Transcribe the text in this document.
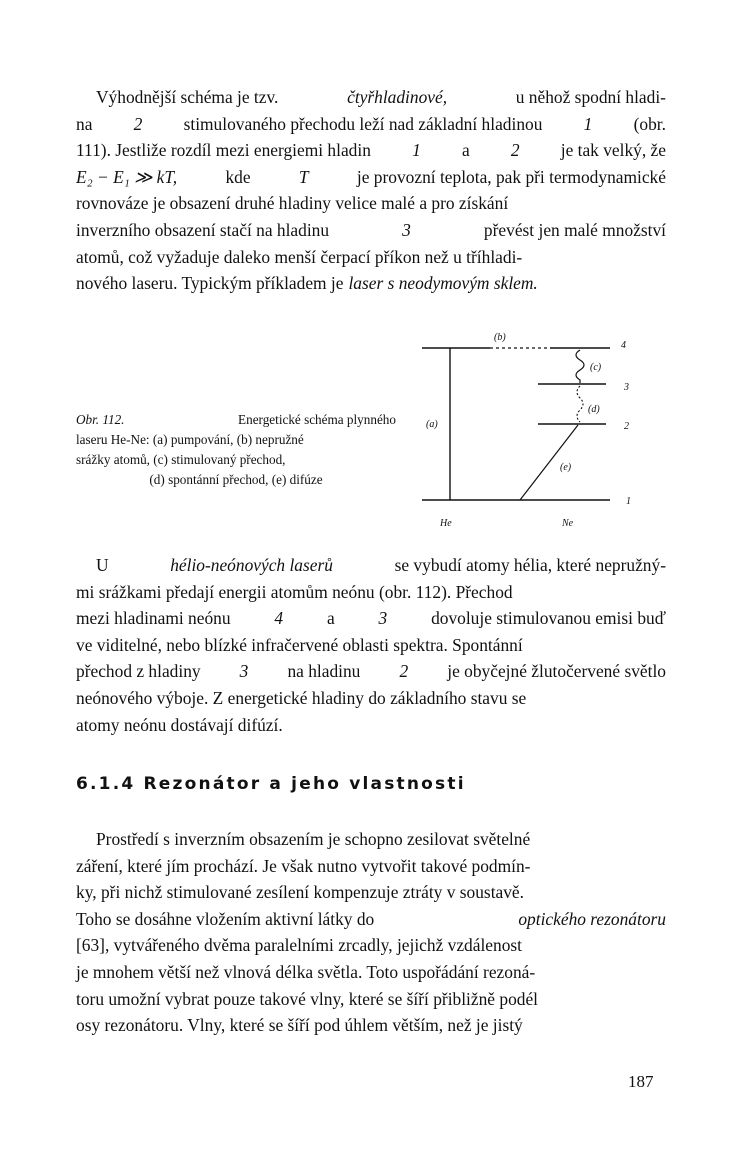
Výhodnější schéma je tzv.	čtyřhladinové,	u něhož spodní hladi-
na 2 stimulovaného přechodu leží nad základní hladinou 1 (obr.
111). Jestliže rozdíl mezi energiemi hladin 1 a 2 je tak velký, že
E₂ − E₁ ≫ kT,	kde	T	je provozní teplota, pak při termodynamické
rovnováze je obsazení druhé hladiny velice malé a pro získání
inverzního obsazení stačí na hladinu	3	převést jen malé množství
atomů, což vyžaduje daleko menší čerpací příkon než u tříhladi-
nového laseru. Typickým příkladem je laser s neodymovým sklem.
Obr. 112.	Energetické schéma plynného
laseru He-Ne: (a) pumpování, (b) nepružné
srážky atomů, (c) stimulovaný přechod,
(d) spontánní přechod, (e) difúze
(b)
(c)
(d)
(a)
(e)
4
3
2
1
He	Ne
U	hélio-neónových laserů	se vybudí atomy hélia, které nepružný-
mi srážkami předají energii atomům neónu (obr. 112). Přechod
mezi hladinami neónu	4	a	3	dovoluje stimulovanou emisi buď
ve viditelné, nebo blízké infračervené oblasti spektra. Spontánní
přechod z hladiny 3 na hladinu 2 je obyčejné žlutočervené světlo
neónového výboje. Z energetické hladiny do základního stavu se
atomy neónu dostávají difúzí.
6.1.4 Rezonátor a jeho vlastnosti
Prostředí s inverzním obsazením je schopno zesilovat světelné
záření, které jím prochází. Je však nutno vytvořit takové podmín-
ky, při nichž stimulované zesílení kompenzuje ztráty v soustavě.
Toho se dosáhne vložením aktivní látky do	optického rezonátoru
[63], vytvářeného dvěma paralelními zrcadly, jejichž vzdálenost
je mnohem větší než vlnová délka světla. Toto uspořádání rezoná-
toru umožní vybrat pouze takové vlny, které se šíří přibližně podél
osy rezonátoru. Vlny, které se šíří pod úhlem větším, než je jistý
187
